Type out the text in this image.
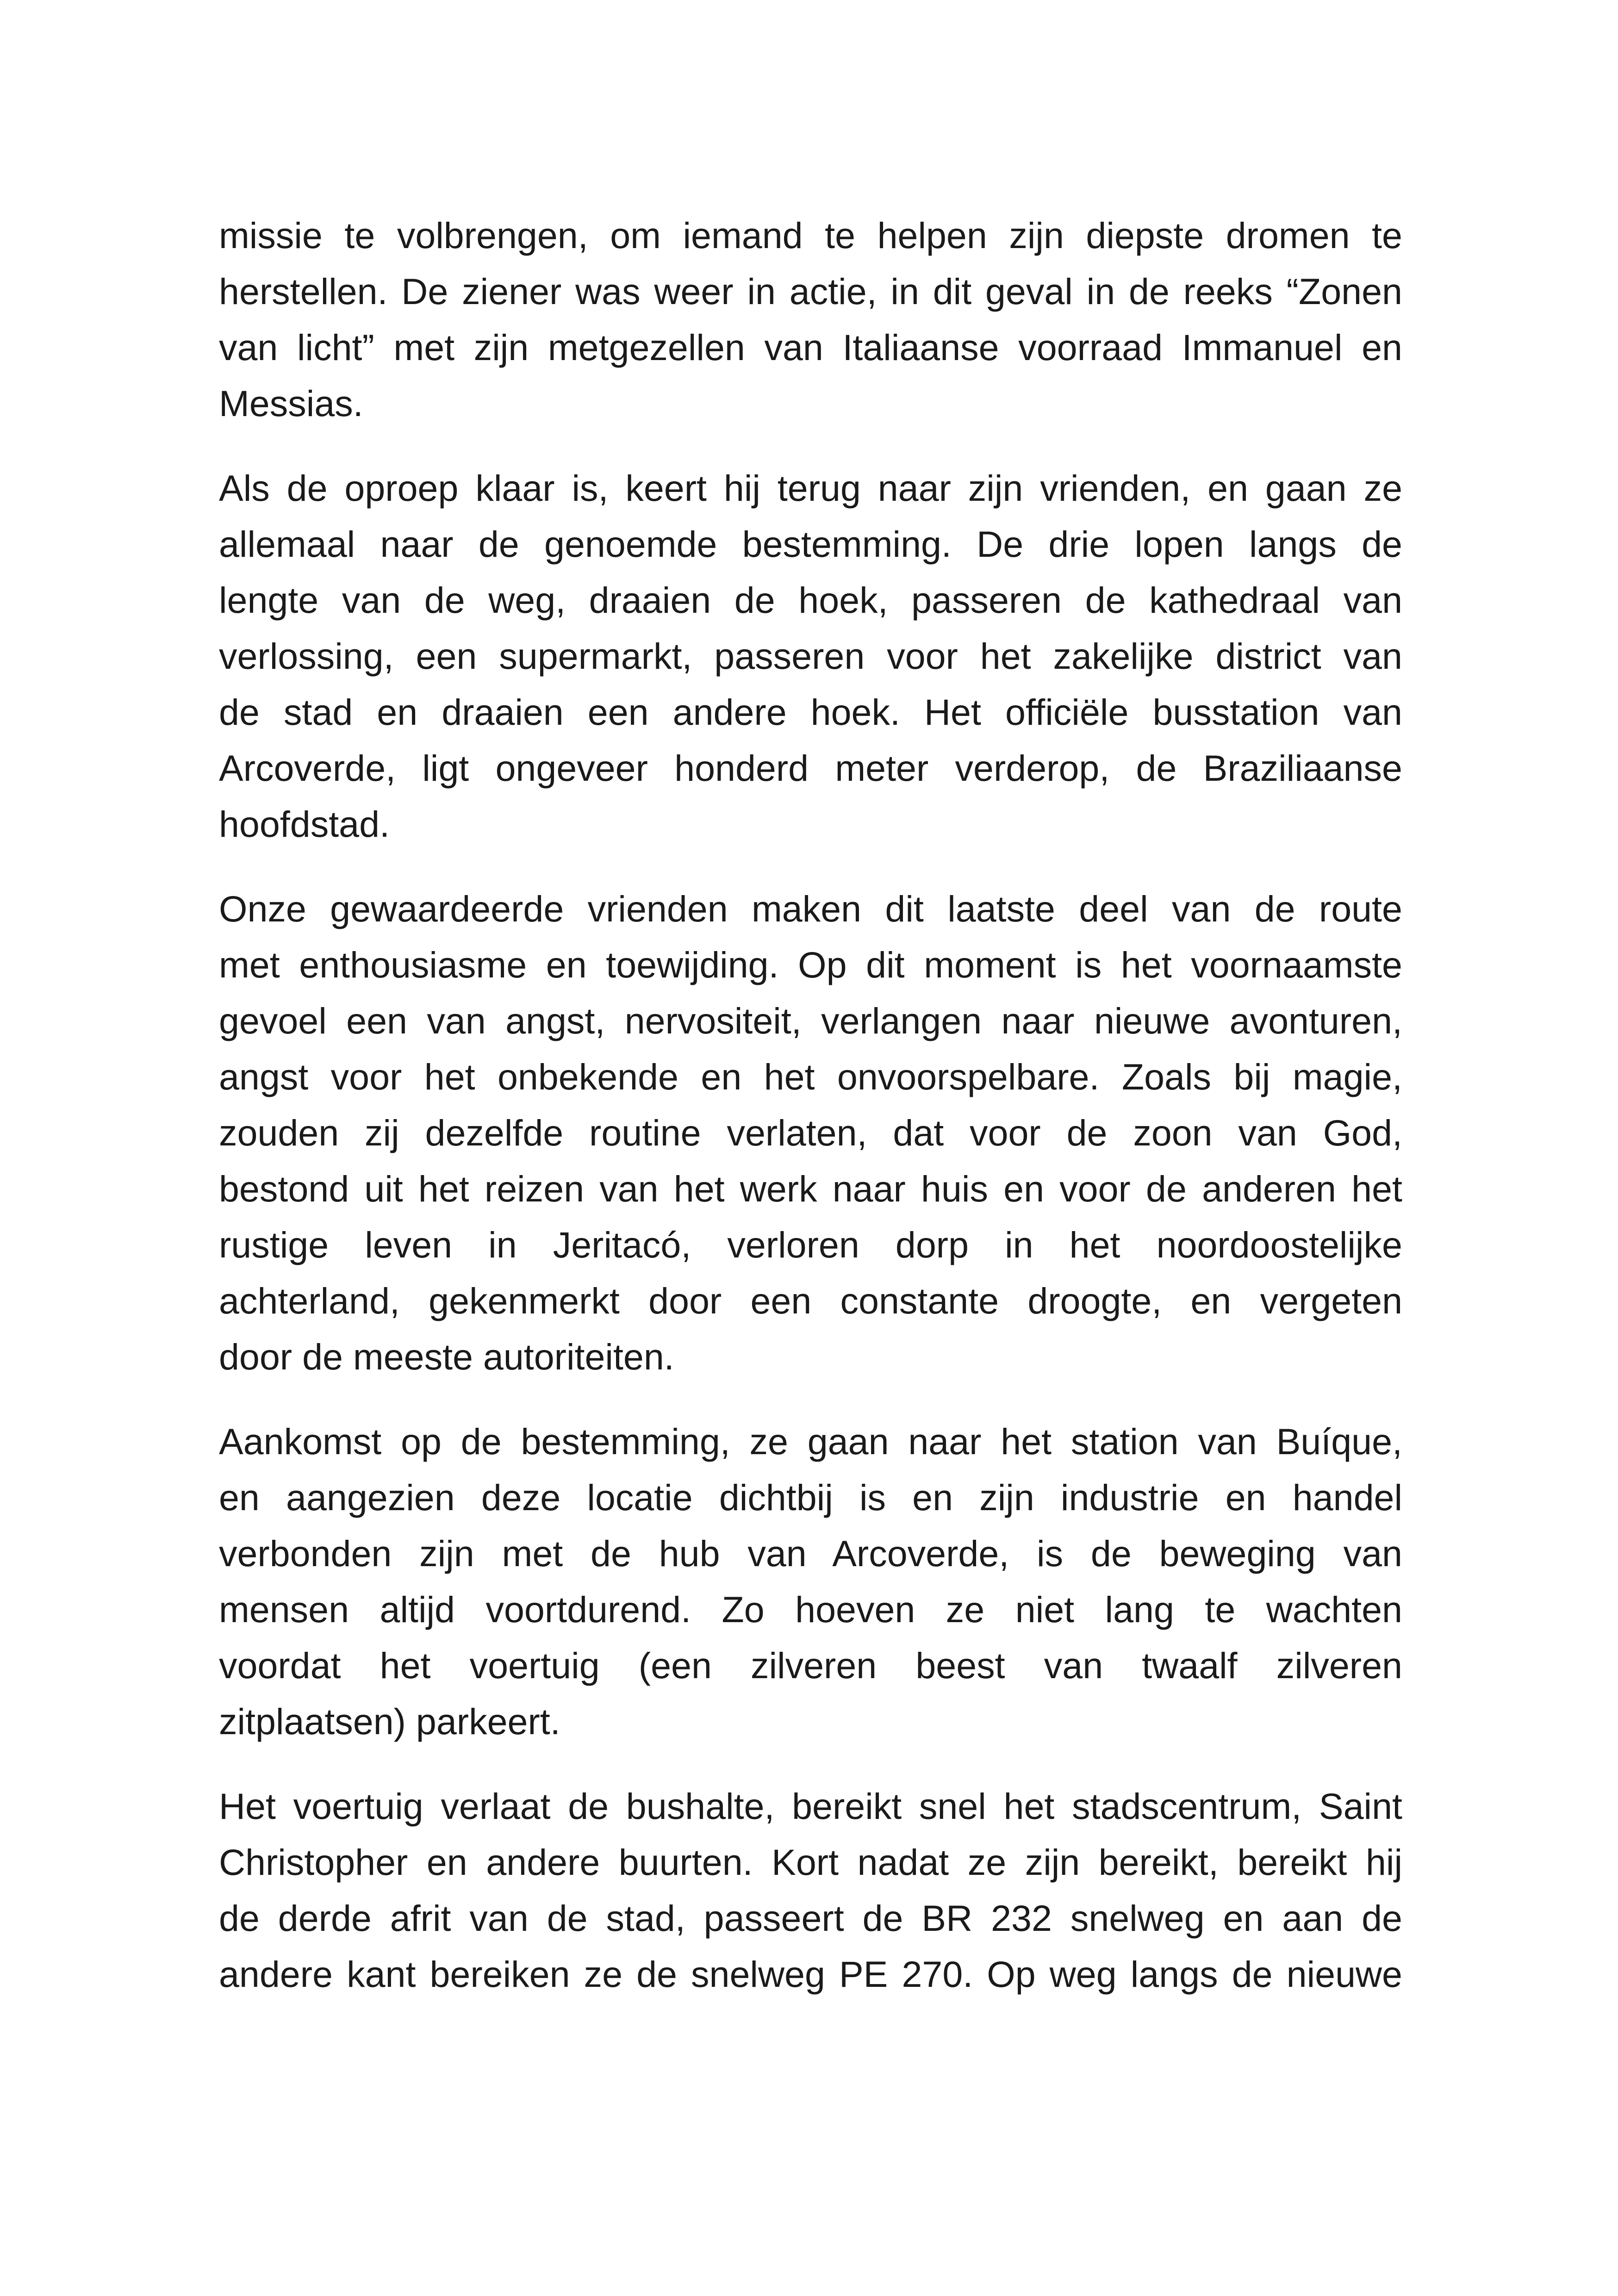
missie te volbrengen, om iemand te helpen zijn diepste dromen te
herstellen. De ziener was weer in actie, in dit geval in de reeks “Zonen
van licht” met zijn metgezellen van Italiaanse voorraad Immanuel en
Messias.
Als de oproep klaar is, keert hij terug naar zijn vrienden, en gaan ze
allemaal naar de genoemde bestemming. De drie lopen langs de
lengte van de weg, draaien de hoek, passeren de kathedraal van
verlossing, een supermarkt, passeren voor het zakelijke district van
de stad en draaien een andere hoek. Het officiële busstation van
Arcoverde, ligt ongeveer honderd meter verderop, de Braziliaanse
hoofdstad.
Onze gewaardeerde vrienden maken dit laatste deel van de route
met enthousiasme en toewijding. Op dit moment is het voornaamste
gevoel een van angst, nervositeit, verlangen naar nieuwe avonturen,
angst voor het onbekende en het onvoorspelbare. Zoals bij magie,
zouden zij dezelfde routine verlaten, dat voor de zoon van God,
bestond uit het reizen van het werk naar huis en voor de anderen het
rustige leven in Jeritacó, verloren dorp in het noordoostelijke
achterland, gekenmerkt door een constante droogte, en vergeten
door de meeste autoriteiten.
Aankomst op de bestemming, ze gaan naar het station van Buíque,
en aangezien deze locatie dichtbij is en zijn industrie en handel
verbonden zijn met de hub van Arcoverde, is de beweging van
mensen altijd voortdurend. Zo hoeven ze niet lang te wachten
voordat het voertuig (een zilveren beest van twaalf zilveren
zitplaatsen) parkeert.
Het voertuig verlaat de bushalte, bereikt snel het stadscentrum, Saint
Christopher en andere buurten. Kort nadat ze zijn bereikt, bereikt hij
de derde afrit van de stad, passeert de BR 232 snelweg en aan de
andere kant bereiken ze de snelweg PE 270. Op weg langs de nieuwe
